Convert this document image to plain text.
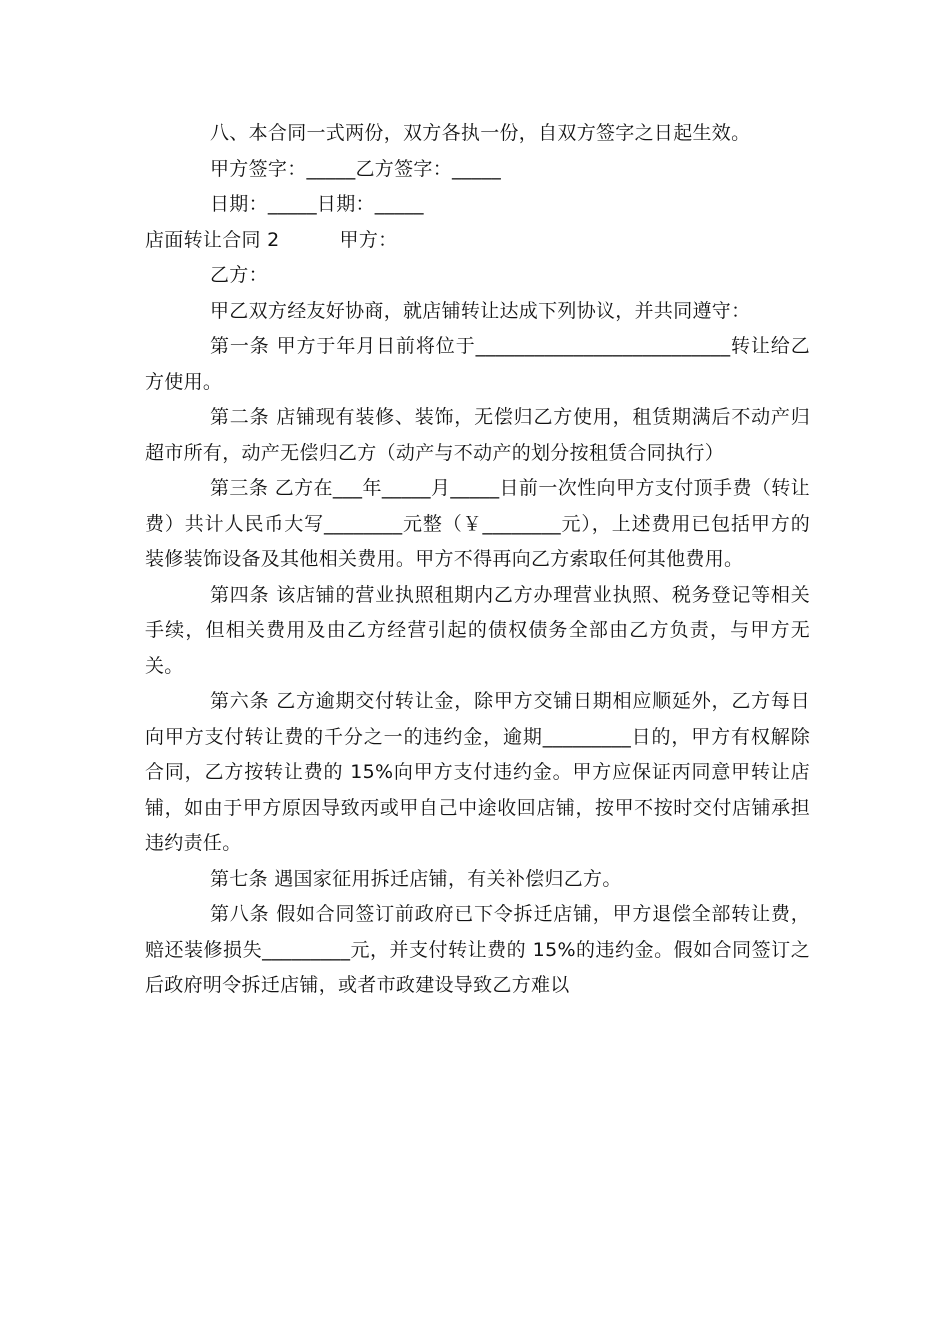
八、本合同一式两份，双方各执一份，自双方签字之日起生效。

甲方签字：_____乙方签字：_____

日期：_____日期：_____

店面转让合同 2	甲方：

乙方：

甲乙双方经友好协商，就店铺转让达成下列协议，并共同遵守：

第一条 甲方于年月日前将位于__________________________转让给乙方使用。

第二条 店铺现有装修、装饰，无偿归乙方使用，租赁期满后不动产归超市所有，动产无偿归乙方（动产与不动产的划分按租赁合同执行）

第三条 乙方在___年_____月_____日前一次性向甲方支付顶手费（转让费）共计人民币大写________元整（￥________元），上述费用已包括甲方的装修装饰设备及其他相关费用。甲方不得再向乙方索取任何其他费用。

第四条 该店铺的营业执照租期内乙方办理营业执照、税务登记等相关手续，但相关费用及由乙方经营引起的债权债务全部由乙方负责，与甲方无关。

第六条 乙方逾期交付转让金，除甲方交铺日期相应顺延外，乙方每日向甲方支付转让费的千分之一的违约金，逾期_________日的，甲方有权解除合同，乙方按转让费的 15%向甲方支付违约金。甲方应保证丙同意甲转让店铺，如由于甲方原因导致丙或甲自己中途收回店铺，按甲不按时交付店铺承担违约责任。

第七条 遇国家征用拆迁店铺，有关补偿归乙方。

第八条 假如合同签订前政府已下令拆迁店铺，甲方退偿全部转让费，赔还装修损失_________元，并支付转让费的 15%的违约金。假如合同签订之后政府明令拆迁店铺，或者市政建设导致乙方难以
